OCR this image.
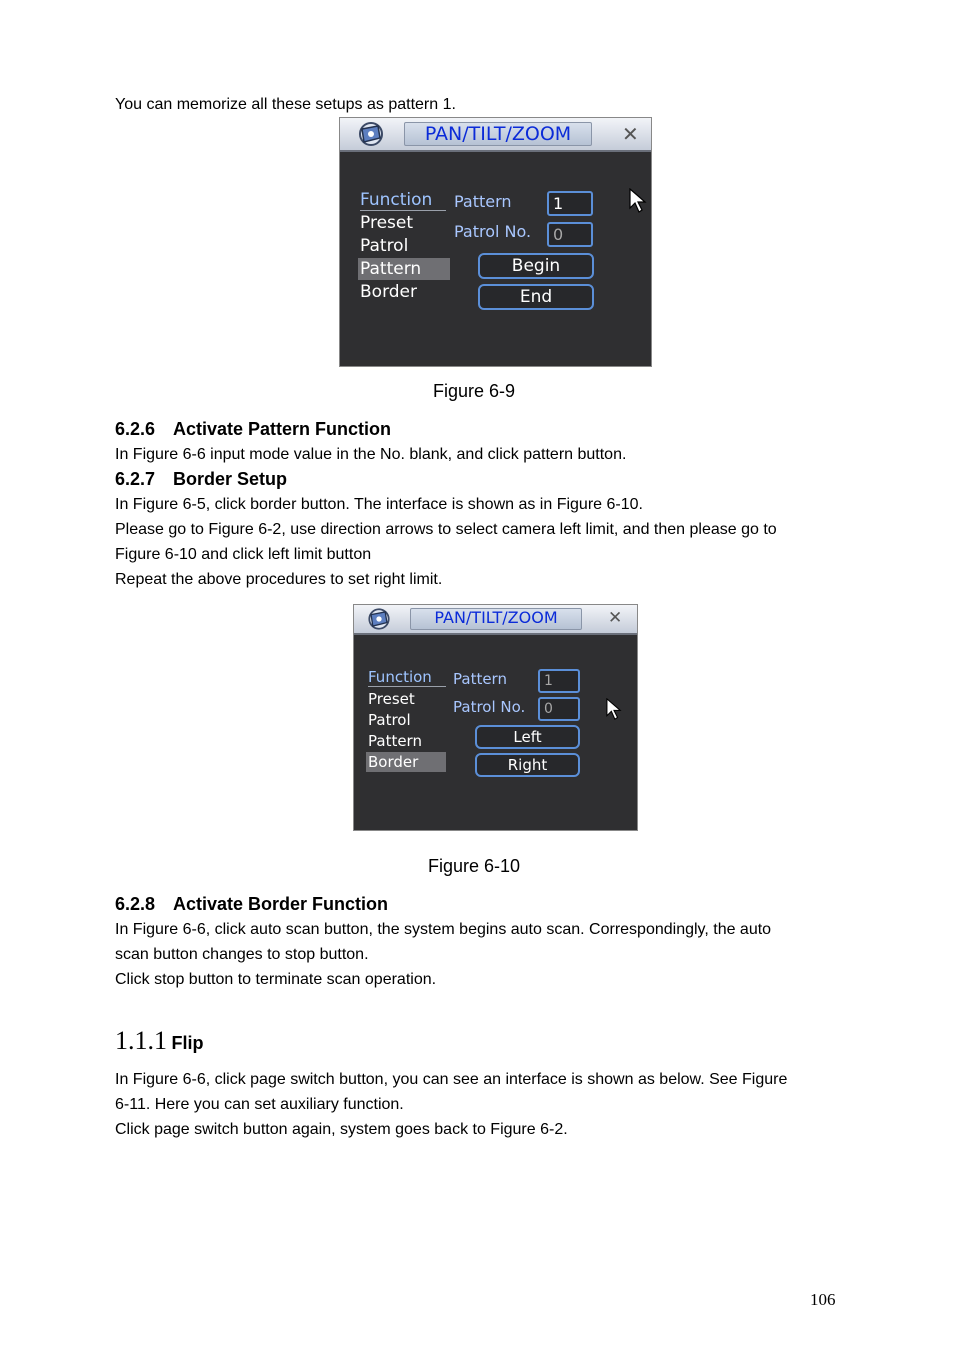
You can memorize all these setups as pattern 1.
PAN/TILT/ZOOM	✕
Function
Preset
Patrol
Pattern
Border
Pattern	1
Patrol No.	0
Begin
End
Figure 6-9
6.2.6 Activate Pattern Function
In Figure 6-6 input mode value in the No. blank, and click pattern button.
6.2.7 Border Setup
In Figure 6-5, click border button. The interface is shown as in Figure 6-10.
Please go to Figure 6-2, use direction arrows to select camera left limit, and then please go to
Figure 6-10 and click left limit button
Repeat the above procedures to set right limit.
PAN/TILT/ZOOM	✕
Function
Preset
Patrol
Pattern
Border
Pattern	1
Patrol No.	0
Left
Right
Figure 6-10
6.2.8 Activate Border Function
In Figure 6-6, click auto scan button, the system begins auto scan. Correspondingly, the auto
scan button changes to stop button.
Click stop button to terminate scan operation.
1.1.1 Flip
In Figure 6-6, click page switch button, you can see an interface is shown as below. See Figure
6-11. Here you can set auxiliary function.
Click page switch button again, system goes back to Figure 6-2.
106
